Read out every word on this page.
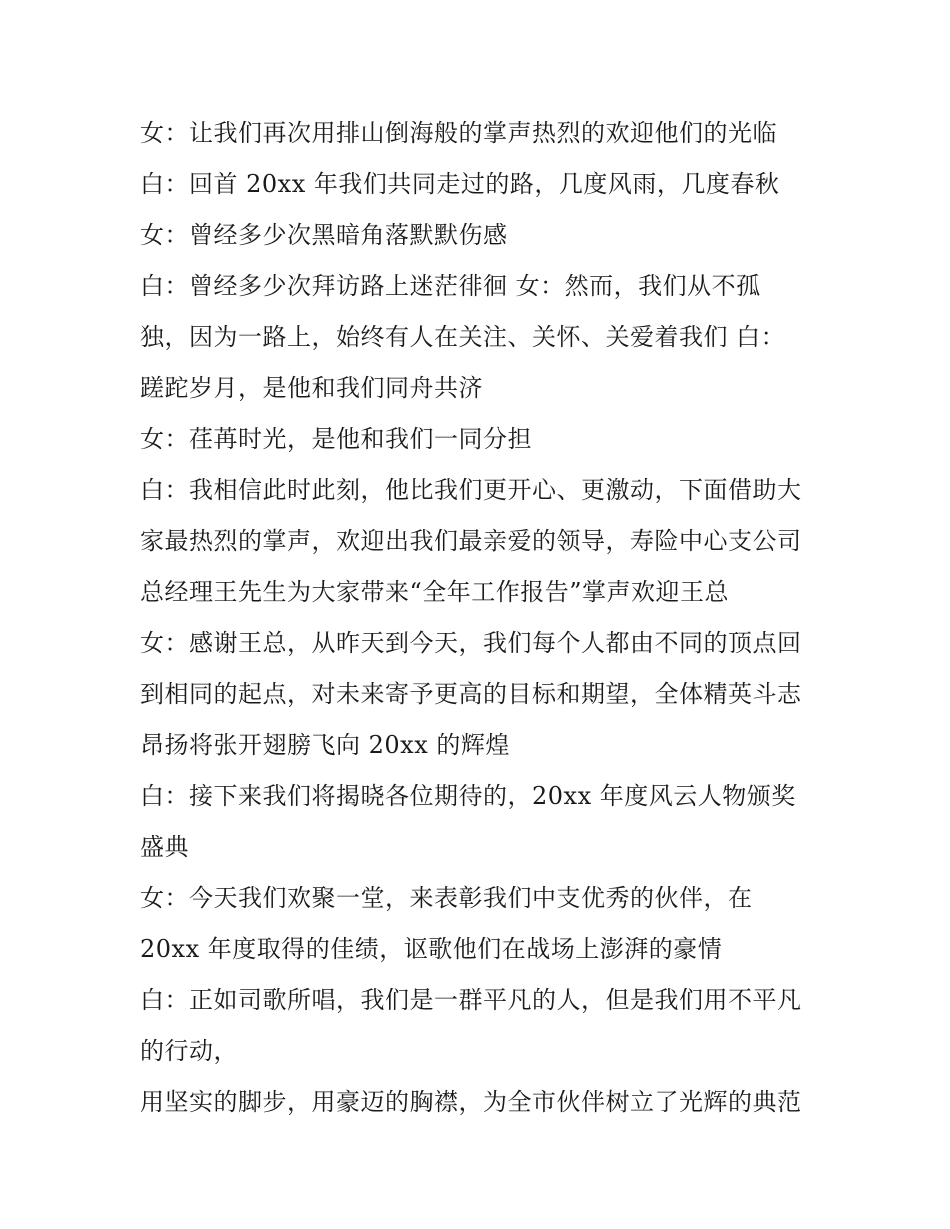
女：让我们再次用排山倒海般的掌声热烈的欢迎他们的光临
白：回首 20xx 年我们共同走过的路，几度风雨，几度春秋
女：曾经多少次黑暗角落默默伤感
白：曾经多少次拜访路上迷茫徘徊 女：然而，我们从不孤
独，因为一路上，始终有人在关注、关怀、关爱着我们 白：
蹉跎岁月，是他和我们同舟共济
女：荏苒时光，是他和我们一同分担
白：我相信此时此刻，他比我们更开心、更激动，下面借助大
家最热烈的掌声，欢迎出我们最亲爱的领导，寿险中心支公司
总经理王先生为大家带来“全年工作报告”掌声欢迎王总
女：感谢王总，从昨天到今天，我们每个人都由不同的顶点回
到相同的起点，对未来寄予更高的目标和期望，全体精英斗志
昂扬将张开翅膀飞向 20xx 的辉煌
白：接下来我们将揭晓各位期待的，20xx 年度风云人物颁奖
盛典
女：今天我们欢聚一堂，来表彰我们中支优秀的伙伴，在
20xx 年度取得的佳绩，讴歌他们在战场上澎湃的豪情
白：正如司歌所唱，我们是一群平凡的人，但是我们用不平凡
的行动，
用坚实的脚步，用豪迈的胸襟，为全市伙伴树立了光辉的典范
